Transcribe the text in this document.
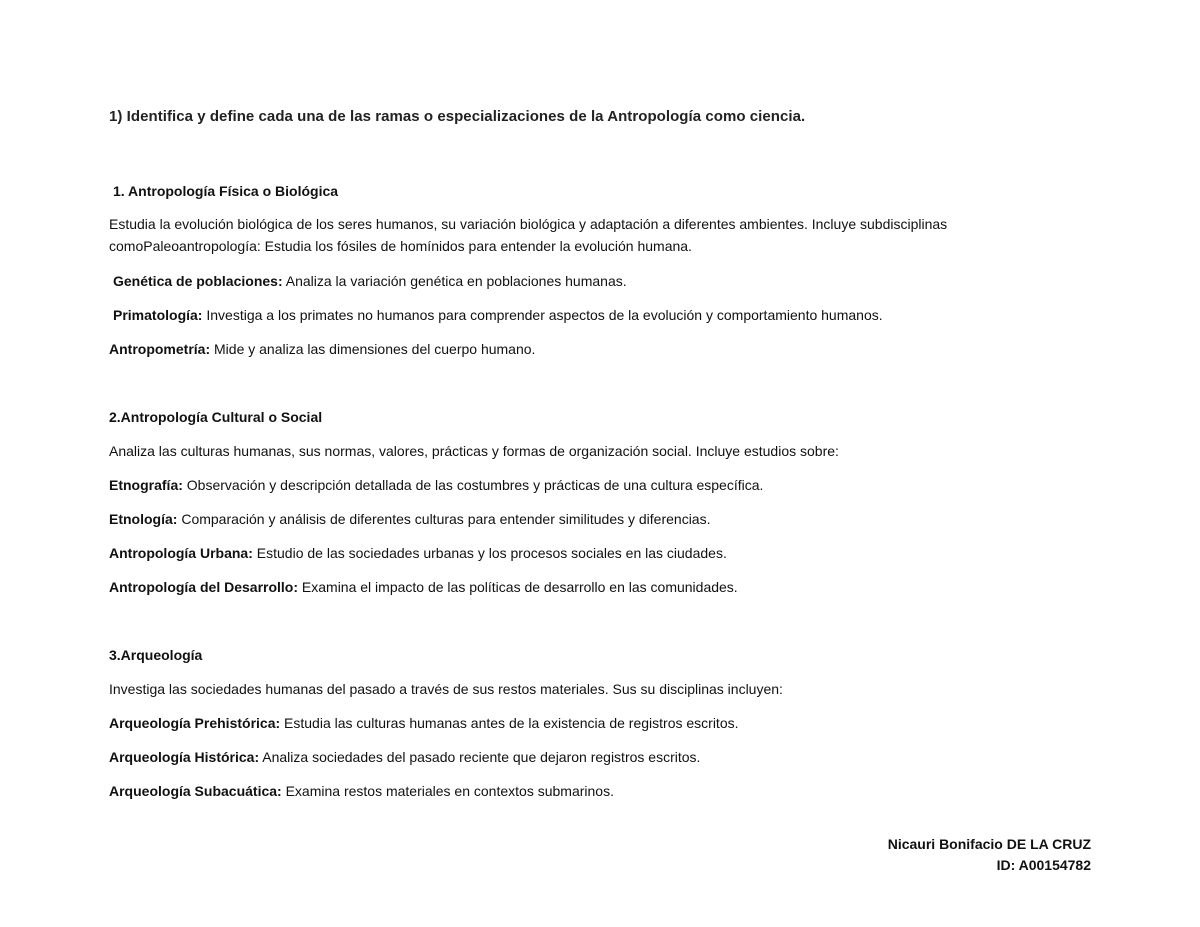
1) Identifica y define cada una de las ramas o especializaciones de la Antropología como ciencia.
1. Antropología Física o Biológica
Estudia la evolución biológica de los seres humanos, su variación biológica y adaptación a diferentes ambientes. Incluye subdisciplinas
comoPaleoantropología: Estudia los fósiles de homínidos para entender la evolución humana.
Genética de poblaciones: Analiza la variación genética en poblaciones humanas.
Primatología: Investiga a los primates no humanos para comprender aspectos de la evolución y comportamiento humanos.
Antropometría: Mide y analiza las dimensiones del cuerpo humano.
2.Antropología Cultural o Social
Analiza las culturas humanas, sus normas, valores, prácticas y formas de organización social. Incluye estudios sobre:
Etnografía: Observación y descripción detallada de las costumbres y prácticas de una cultura específica.
Etnología: Comparación y análisis de diferentes culturas para entender similitudes y diferencias.
Antropología Urbana: Estudio de las sociedades urbanas y los procesos sociales en las ciudades.
Antropología del Desarrollo: Examina el impacto de las políticas de desarrollo en las comunidades.
3.Arqueología
Investiga las sociedades humanas del pasado a través de sus restos materiales. Sus su disciplinas incluyen:
Arqueología Prehistórica: Estudia las culturas humanas antes de la existencia de registros escritos.
Arqueología Histórica: Analiza sociedades del pasado reciente que dejaron registros escritos.
Arqueología Subacuática: Examina restos materiales en contextos submarinos.
Nicauri Bonifacio DE LA CRUZ
ID: A00154782
